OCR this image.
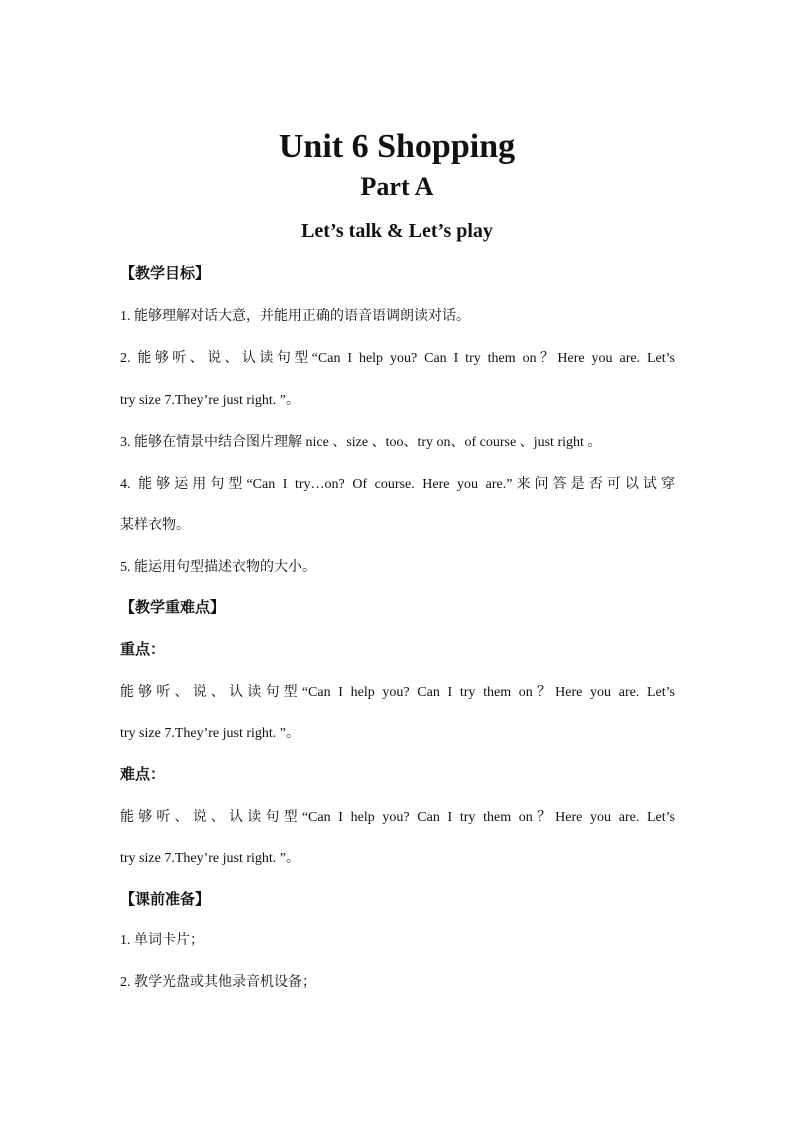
Unit 6 Shopping
Part A
Let’s talk & Let’s play

【教学目标】

1. 能够理解对话大意，并能用正确的语音语调朗读对话。

2. 能够听、说、认读句型“Can I help you? Can I try them on？Here you are. Let’s

try size 7.They’re just right. ”。

3. 能够在情景中结合图片理解 nice 、size 、too、try on、of course 、just right 。

4. 能够运用句型“Can I try…on? Of course. Here you are.”来问答是否可以试穿

某样衣物。

5. 能运用句型描述衣物的大小。

【教学重难点】

重点：

能够听、说、认读句型“Can I help you? Can I try them on？Here you are. Let’s

try size 7.They’re just right. ”。

难点：

能够听、说、认读句型“Can I help you? Can I try them on？Here you are. Let’s

try size 7.They’re just right. ”。

【课前准备】

1. 单词卡片；

2. 教学光盘或其他录音机设备；
